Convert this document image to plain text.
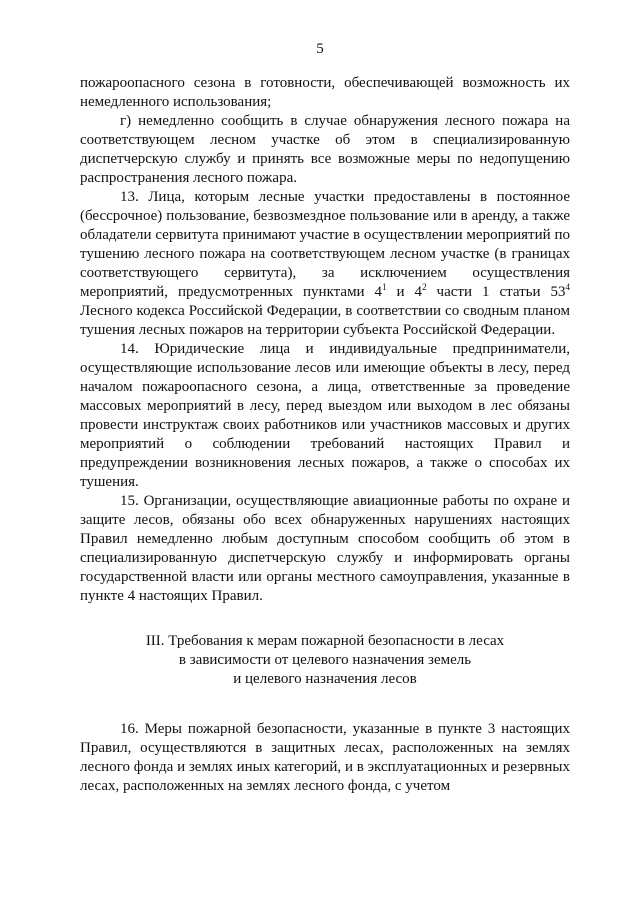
5

пожароопасного сезона в готовности, обеспечивающей возможность их немедленного использования;

г) немедленно сообщить в случае обнаружения лесного пожара на соответствующем лесном участке об этом в специализированную диспетчерскую службу и принять все возможные меры по недопущению распространения лесного пожара.

13. Лица, которым лесные участки предоставлены в постоянное (бессрочное) пользование, безвозмездное пользование или в аренду, а также обладатели сервитута принимают участие в осуществлении мероприятий по тушению лесного пожара на соответствующем лесном участке (в границах соответствующего сервитута), за исключением осуществления мероприятий, предусмотренных пунктами $4^1$ и $4^2$ части 1 статьи $53^4$ Лесного кодекса Российской Федерации, в соответствии со сводным планом тушения лесных пожаров на территории субъекта Российской Федерации.

14. Юридические лица и индивидуальные предприниматели, осуществляющие использование лесов или имеющие объекты в лесу, перед началом пожароопасного сезона, а лица, ответственные за проведение массовых мероприятий в лесу, перед выездом или выходом в лес обязаны провести инструктаж своих работников или участников массовых и других мероприятий о соблюдении требований настоящих Правил и предупреждении возникновения лесных пожаров, а также о способах их тушения.

15. Организации, осуществляющие авиационные работы по охране и защите лесов, обязаны обо всех обнаруженных нарушениях настоящих Правил немедленно любым доступным способом сообщить об этом в специализированную диспетчерскую службу и информировать органы государственной власти или органы местного самоуправления, указанные в пункте 4 настоящих Правил.

III. Требования к мерам пожарной безопасности в лесах
в зависимости от целевого назначения земель
и целевого назначения лесов

16. Меры пожарной безопасности, указанные в пункте 3 настоящих Правил, осуществляются в защитных лесах, расположенных на землях лесного фонда и землях иных категорий, и в эксплуатационных и резервных лесах, расположенных на землях лесного фонда, с учетом
